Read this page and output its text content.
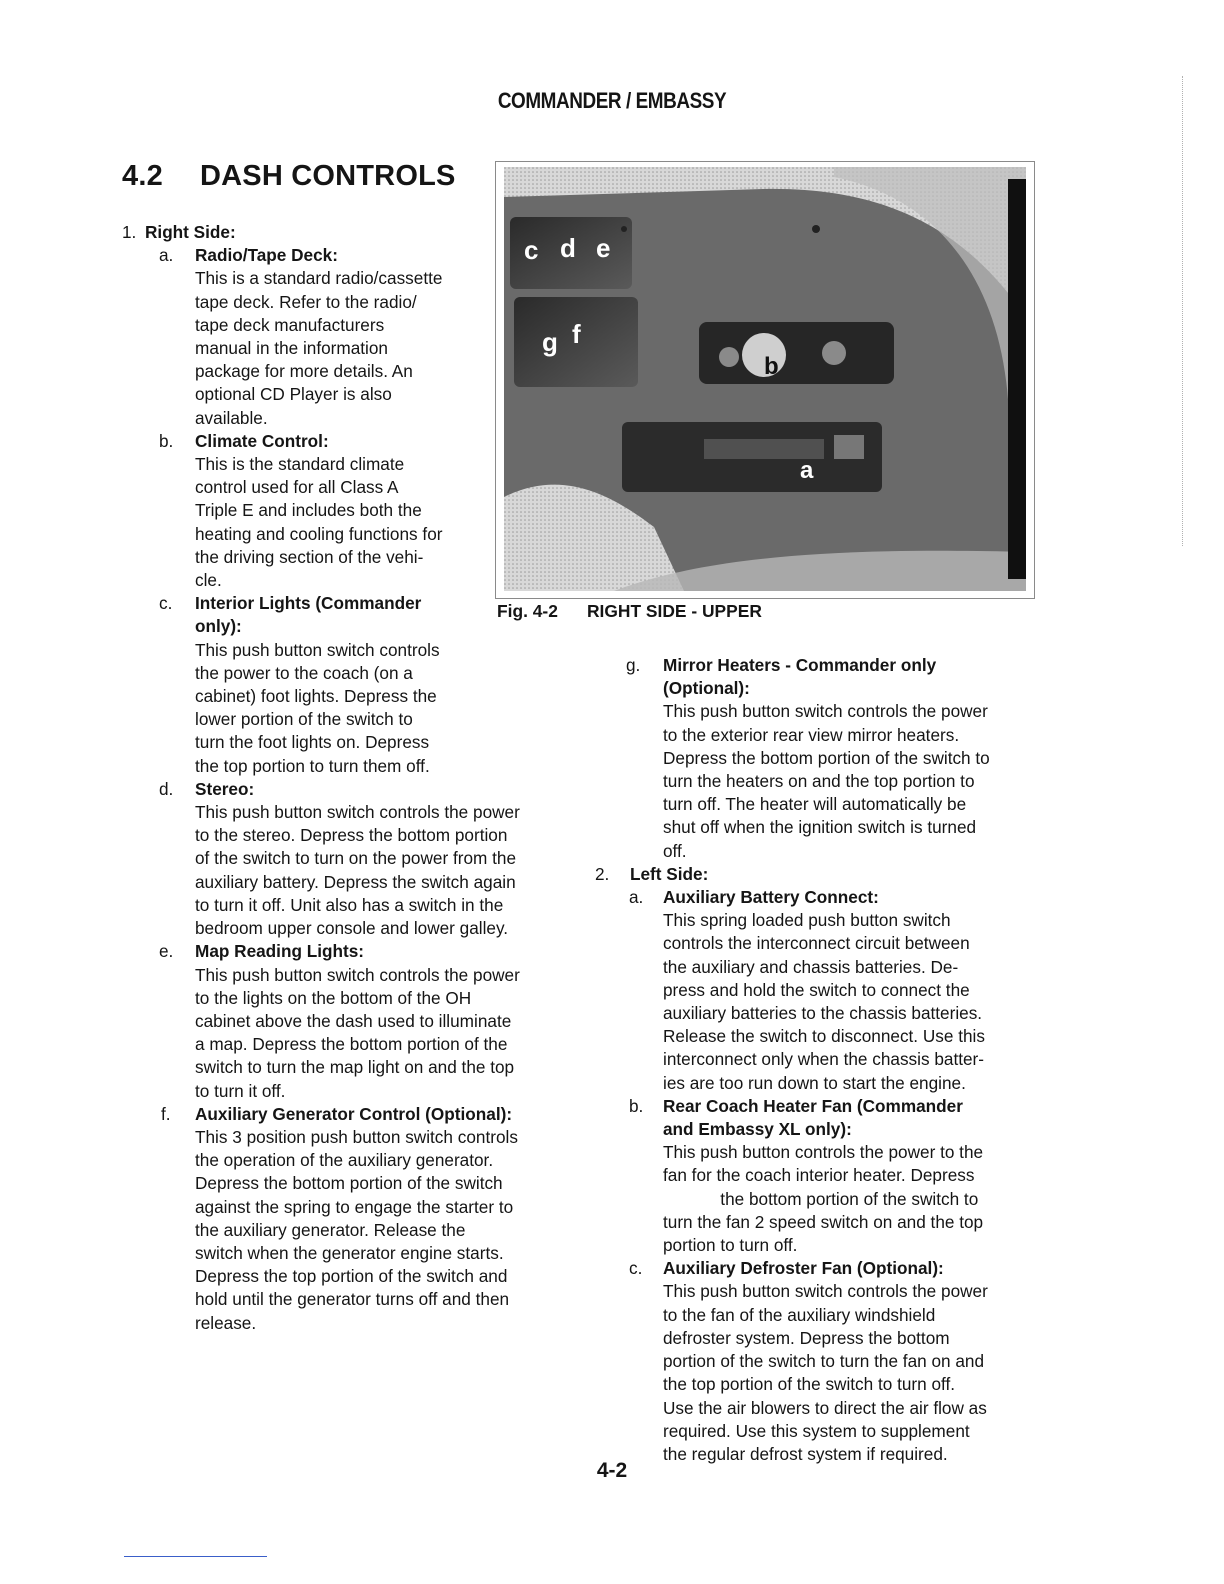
COMMANDER / EMBASSY
4.2 DASH CONTROLS
1. Right Side:

a.	Radio/Tape Deck:

This is a standard radio/cassette

tape deck. Refer to the radio/

tape deck manufacturers

manual in the information

package for more details. An

optional CD Player is also

available.

b.	Climate Control:

This is the standard climate

control used for all Class A

Triple E and includes both the

heating and cooling functions for

the driving section of the vehi-

cle.

c.	Interior Lights (Commander

only):

This push button switch controls

the power to the coach (on a

cabinet) foot lights. Depress the

lower portion of the switch to

turn the foot lights on. Depress

the top portion to turn them off.

d.	Stereo:

This push button switch controls the power

to the stereo. Depress the bottom portion

of the switch to turn on the power from the

auxiliary battery. Depress the switch again

to turn it off. Unit also has a switch in the

bedroom upper console and lower galley.

e.	Map Reading Lights:

This push button switch controls the power

to the lights on the bottom of the OH

cabinet above the dash used to illuminate

a map. Depress the bottom portion of the

switch to turn the map light on and the top

to turn it off.

f.	Auxiliary Generator Control (Optional):

This 3 position push button switch controls

the operation of the auxiliary generator.

Depress the bottom portion of the switch

against the spring to engage the starter to

the auxiliary generator. Release the

switch when the generator engine starts.

Depress the top portion of the switch and

hold until the generator turns off and then

release.

c d e
g f
b
a
Fig. 4-2 RIGHT SIDE - UPPER
g.	Mirror Heaters - Commander only

(Optional):

This push button switch controls the power

to the exterior rear view mirror heaters.

Depress the bottom portion of the switch to

turn the heaters on and the top portion to

turn off. The heater will automatically be

shut off when the ignition switch is turned

off.

2.	Left Side:

a.	Auxiliary Battery Connect:

This spring loaded push button switch

controls the interconnect circuit between

the auxiliary and chassis batteries. De-

press and hold the switch to connect the

auxiliary batteries to the chassis batteries.

Release the switch to disconnect. Use this

interconnect only when the chassis batter-

ies are too run down to start the engine.

b.	Rear Coach Heater Fan (Commander

and Embassy XL only):

This push button controls the power to the

fan for the coach interior heater. Depress

the bottom portion of the switch to

turn the fan 2 speed switch on and the top

portion to turn off.

c.	Auxiliary Defroster Fan (Optional):

This push button switch controls the power

to the fan of the auxiliary windshield

defroster system. Depress the bottom

portion of the switch to turn the fan on and

the top portion of the switch to turn off.

Use the air blowers to direct the air flow as

required. Use this system to supplement

the regular defrost system if required.

4-2
